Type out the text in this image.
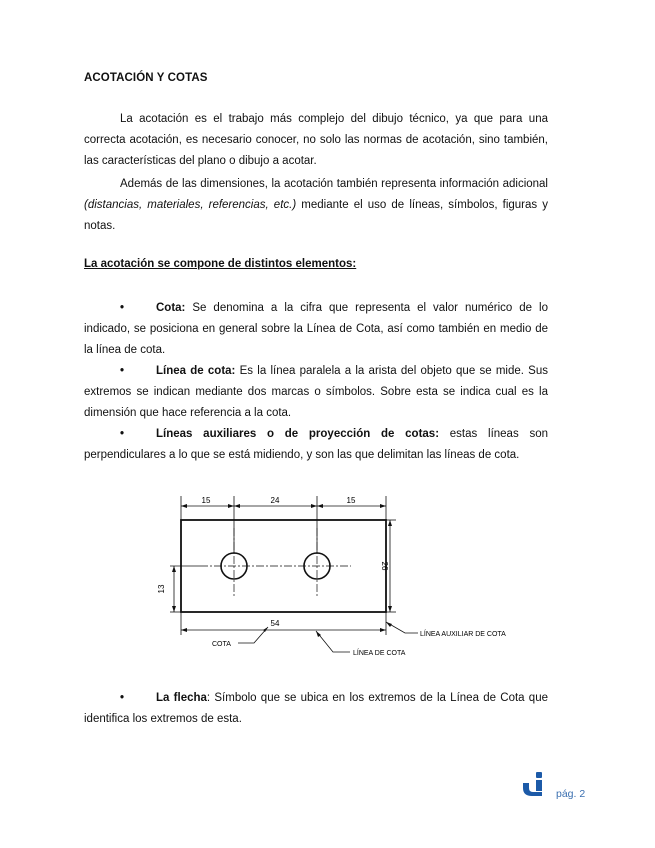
ACOTACIÓN Y COTAS

La acotación es el trabajo más complejo del dibujo técnico, ya que para una correcta acotación, es necesario conocer, no solo las normas de acotación, sino también, las características del plano o dibujo a acotar.

Además de las dimensiones, la acotación también representa información adicional (distancias, materiales, referencias, etc.) mediante el uso de líneas, símbolos, figuras y notas.

La acotación se compone de distintos elementos:

•	Cota: Se denomina a la cifra que representa el valor numérico de lo indicado, se posiciona en general sobre la Línea de Cota, así como también en medio de la línea de cota.

•	Línea de cota: Es la línea paralela a la arista del objeto que se mide. Sus extremos se indican mediante dos marcas o símbolos. Sobre esta se indica cual es la dimensión que hace referencia a la cota.

•	Líneas auxiliares o de proyección de cotas: estas líneas son perpendiculares a lo que se está midiendo, y son las que delimitan las líneas de cota.

15	24	15
26
13
54
LÍNEA AUXILIAR DE COTA
COTA
LÍNEA DE COTA

•	La flecha: Símbolo que se ubica en los extremos de la Línea de Cota que identifica los extremos de esta.

pág. 2
